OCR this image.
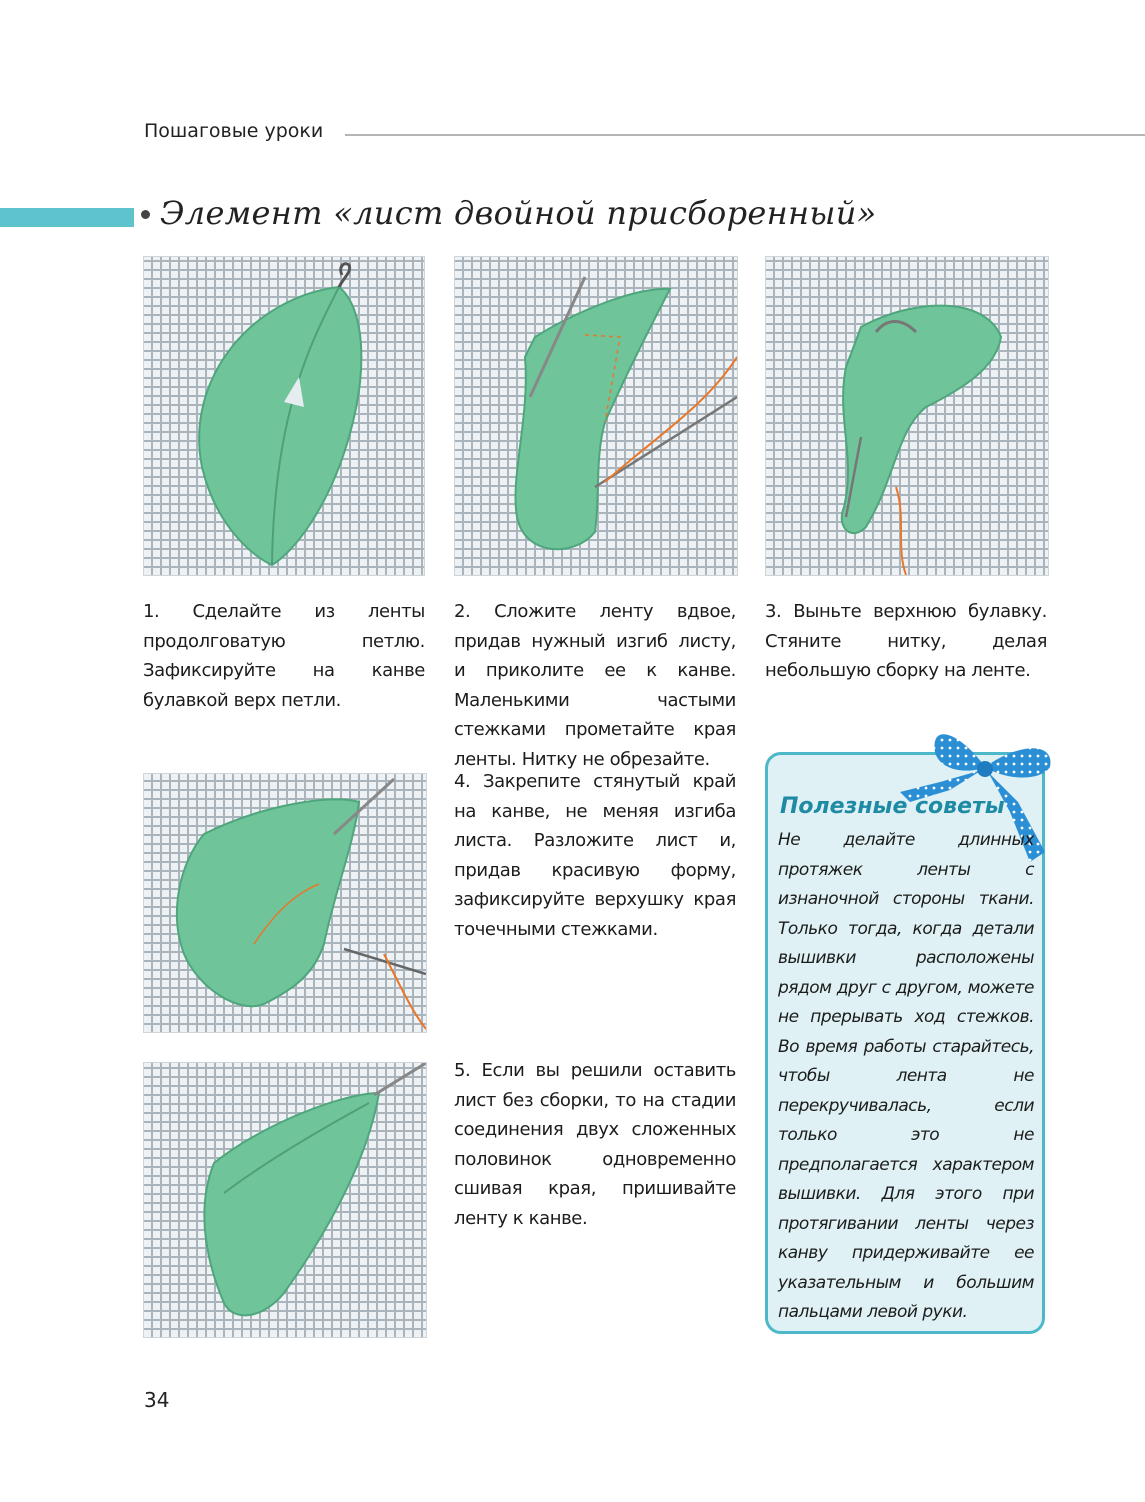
Пошаговые уроки
Элемент «лист двойной присборенный»
1. Сделайте из ленты продолговатую петлю. Зафиксируйте на канве булавкой верх петли.
2. Сложите ленту вдвое, придав нужный изгиб листу, и приколите ее к канве. Маленькими частыми стежками прометайте края ленты. Нитку не обрезайте.
3. Выньте верхнюю булавку. Стяните нитку, делая небольшую сборку на ленте.
4. Закрепите стянутый край на канве, не меняя изгиба листа. Разложите лист и, придав красивую форму, зафиксируйте верхушку края точечными стежками.
5. Если вы решили оставить лист без сборки, то на стадии соединения двух сложенных половинок одновременно сшивая края, пришивайте ленту к канве.
Полезные советы
Не делайте длинных протяжек ленты с изнаночной стороны ткани. Только тогда, когда детали вышивки расположены рядом друг с другом, можете не прерывать ход стежков. Во время работы старайтесь, чтобы лента не перекручивалась, если только это не предполагается характером вышивки. Для этого при протягивании ленты через канву придерживайте ее указательным и большим пальцами левой руки.
34
